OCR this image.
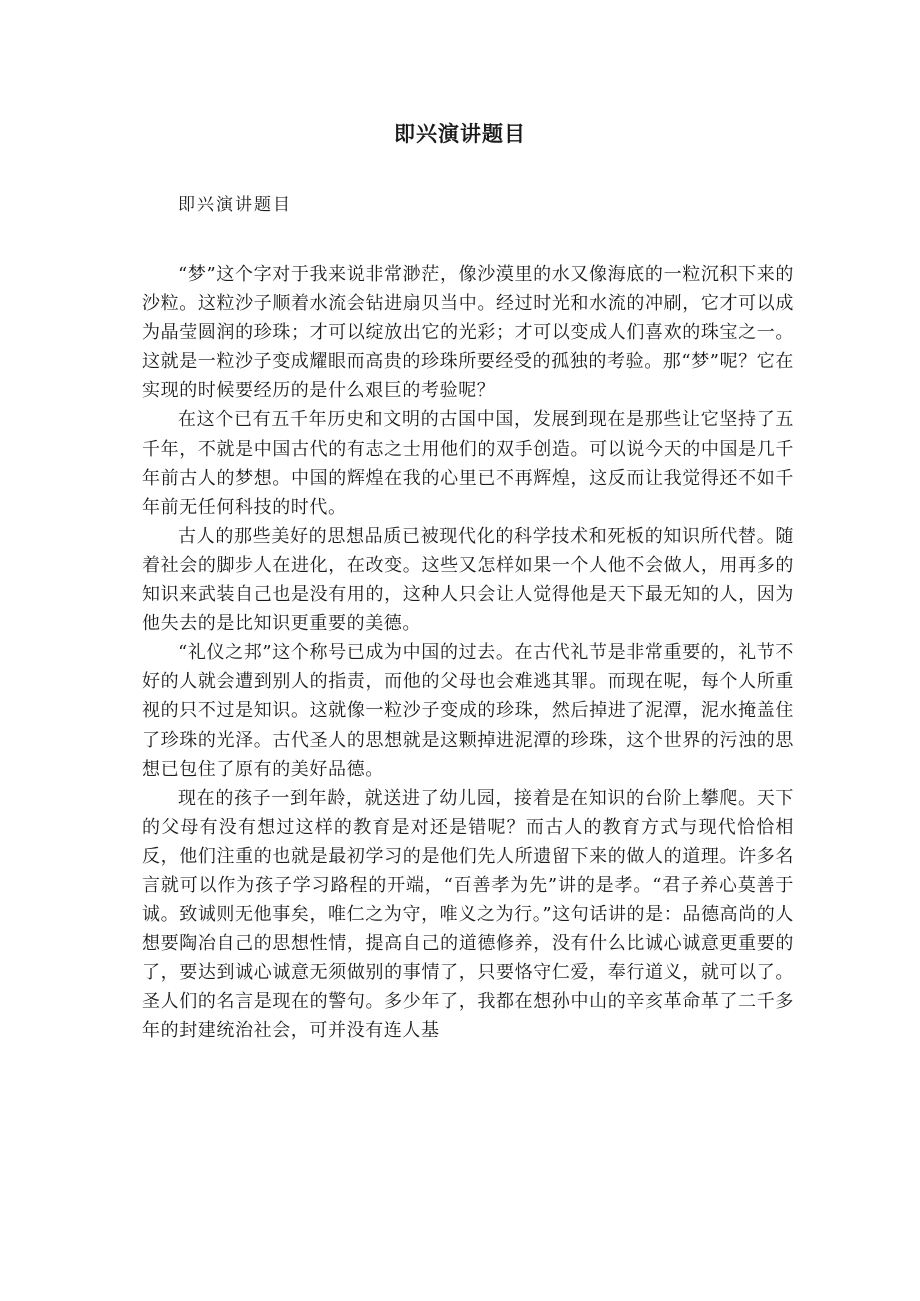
即兴演讲题目
即兴演讲题目

“梦”这个字对于我来说非常渺茫，像沙漠里的水又像海底的一粒沉积下来的沙粒。这粒沙子顺着水流会钻进扇贝当中。经过时光和水流的冲刷，它才可以成为晶莹圆润的珍珠；才可以绽放出它的光彩；才可以变成人们喜欢的珠宝之一。这就是一粒沙子变成耀眼而高贵的珍珠所要经受的孤独的考验。那“梦”呢？它在实现的时候要经历的是什么艰巨的考验呢？

在这个已有五千年历史和文明的古国中国，发展到现在是那些让它坚持了五千年，不就是中国古代的有志之士用他们的双手创造。可以说今天的中国是几千年前古人的梦想。中国的辉煌在我的心里已不再辉煌，这反而让我觉得还不如千年前无任何科技的时代。

古人的那些美好的思想品质已被现代化的科学技术和死板的知识所代替。随着社会的脚步人在进化，在改变。这些又怎样如果一个人他不会做人，用再多的知识来武装自己也是没有用的，这种人只会让人觉得他是天下最无知的人，因为他失去的是比知识更重要的美德。

“礼仪之邦”这个称号已成为中国的过去。在古代礼节是非常重要的，礼节不好的人就会遭到别人的指责，而他的父母也会难逃其罪。而现在呢，每个人所重视的只不过是知识。这就像一粒沙子变成的珍珠，然后掉进了泥潭，泥水掩盖住了珍珠的光泽。古代圣人的思想就是这颗掉进泥潭的珍珠，这个世界的污浊的思想已包住了原有的美好品德。

现在的孩子一到年龄，就送进了幼儿园，接着是在知识的台阶上攀爬。天下的父母有没有想过这样的教育是对还是错呢？而古人的教育方式与现代恰恰相反，他们注重的也就是最初学习的是他们先人所遗留下来的做人的道理。许多名言就可以作为孩子学习路程的开端，“百善孝为先”讲的是孝。“君子养心莫善于诚。致诚则无他事矣，唯仁之为守，唯义之为行。”这句话讲的是：品德高尚的人想要陶冶自己的思想性情，提高自己的道德修养，没有什么比诚心诚意更重要的了，要达到诚心诚意无须做别的事情了，只要恪守仁爱，奉行道义，就可以了。圣人们的名言是现在的警句。多少年了，我都在想孙中山的辛亥革命革了二千多年的封建统治社会，可并没有连人基
